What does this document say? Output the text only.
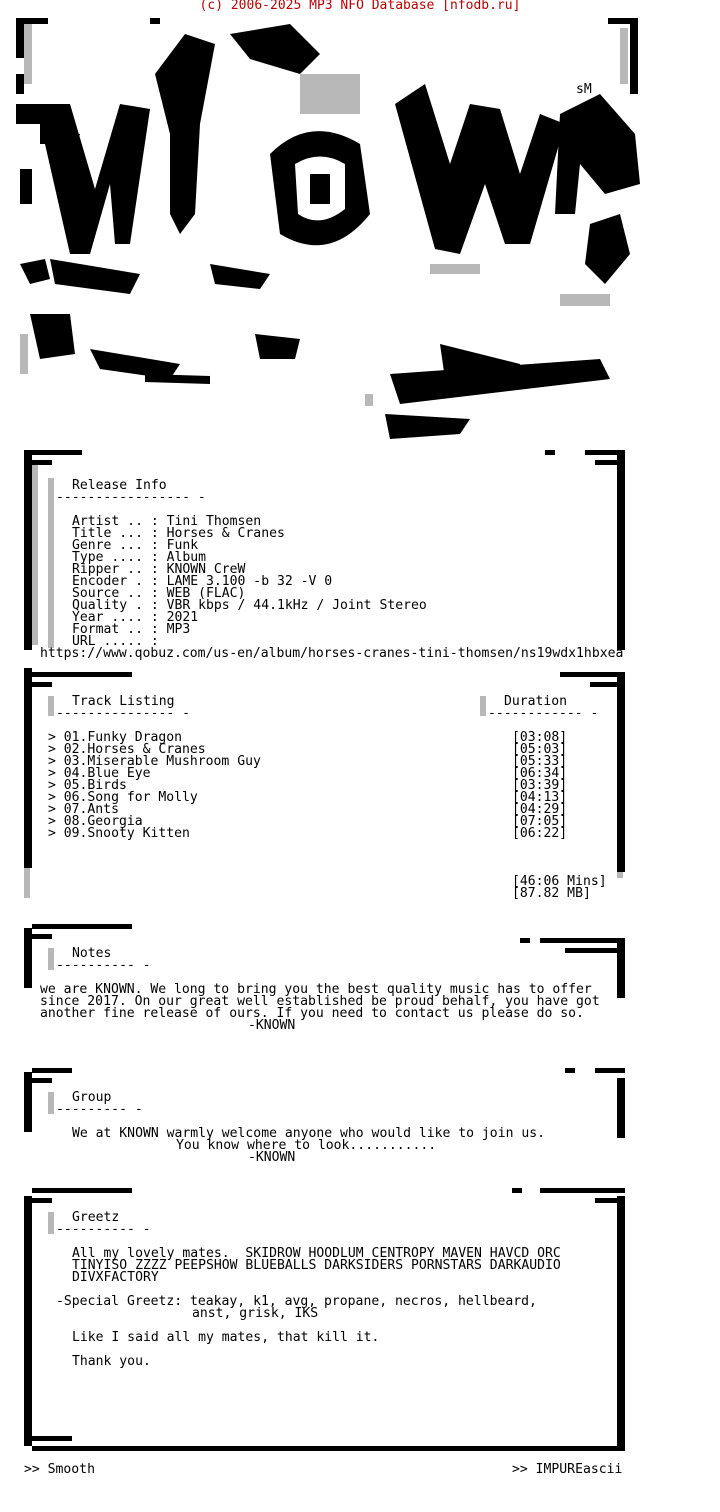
(c) 2006-2025 MP3 NFO Database [nfodb.ru]
sM
Release Info
----------------- -
Artist .. : Tini Thomsen
Title ... : Horses & Cranes
Genre ... : Funk
Type .... : Album
Ripper .. : KNOWN CreW
Encoder . : LAME 3.100 -b 32 -V 0
Source .. : WEB (FLAC)
Quality . : VBR kbps / 44.1kHz / Joint Stereo
Year .... : 2021
Format .. : MP3
URL ..... :
https://www.qobuz.com/us-en/album/horses-cranes-tini-thomsen/ns19wdx1hbxea
Track Listing
--------------- -
Duration
------------ -
> 01.Funky Dragon
> 02.Horses & Cranes
> 03.Miserable Mushroom Guy
> 04.Blue Eye
> 05.Birds
> 06.Song for Molly
> 07.Ants
> 08.Georgia
> 09.Snooty Kitten
[03:08]
[05:03]
[05:33]
[06:34]
[03:39]
[04:13]
[04:29]
[07:05]
[06:22]
[46:06 Mins]
[87.82 MB]
Notes
---------- -
we are KNOWN. We long to bring you the best quality music has to offer
since 2017. On our great well established be proud behalf, you have got
another fine release of ours. If you need to contact us please do so.
-KNOWN
Group
--------- -
We at KNOWN warmly welcome anyone who would like to join us.
You know where to look...........
-KNOWN
Greetz
---------- -
All my lovely mates.  SKIDROW HOODLUM CENTROPY MAVEN HAVCD ORC
TINYISO ZZZZ PEEPSHOW BLUEBALLS DARKSIDERS PORNSTARS DARKAUDIO
DIVXFACTORY
-Special Greetz: teakay, k1, avg, propane, necros, hellbeard,
anst, grisk, IKS
Like I said all my mates, that kill it.
Thank you.
>> Smooth	>> IMPUREascii
